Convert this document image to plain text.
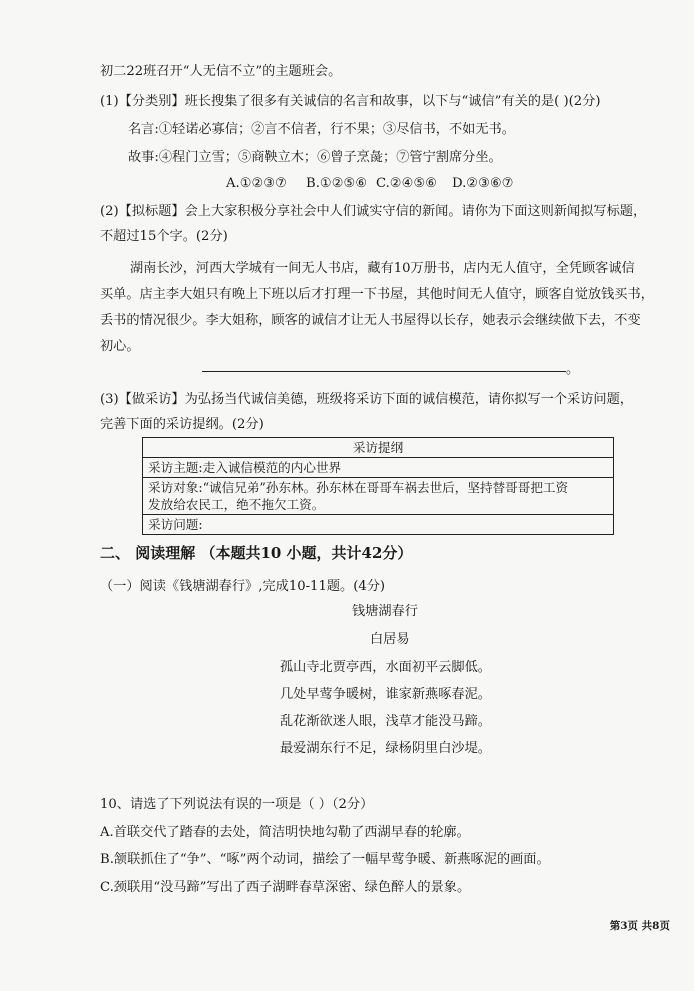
初二22班召开“人无信不立”的主题班会。
(1)【分类别】班长搜集了很多有关诚信的名言和故事，以下与“诚信”有关的是( )(2分)
名言:①轻诺必寡信；②言不信者，行不果；③尽信书，不如无书。
故事:④程门立雪；⑤商鞅立木；⑥曾子烹彘；⑦管宁割席分坐。
A.①②③⑦ B.①②⑤⑥ C.②④⑤⑥ D.②③⑥⑦
(2)【拟标题】会上大家积极分享社会中人们诚实守信的新闻。请你为下面这则新闻拟写标题，
不超过15个字。(2分)
湖南长沙，河西大学城有一间无人书店，藏有10万册书，店内无人值守，全凭顾客诚信
买单。店主李大姐只有晚上下班以后才打理一下书屋，其他时间无人值守，顾客自觉放钱买书，
丢书的情况很少。李大姐称，顾客的诚信才让无人书屋得以长存，她表示会继续做下去，不变
初心。
。
(3)【做采访】为弘扬当代诚信美德，班级将采访下面的诚信模范，请你拟写一个采访问题，
完善下面的采访提纲。(2分)
采访提纲
采访主题:走入诚信模范的内心世界

采访对象:“诚信兄弟”孙东林。孙东林在哥哥车祸去世后，坚持替哥哥把工资
发放给农民工，绝不拖欠工资。

采访问题:
二、 阅读理解 （本题共10 小题，共计42分）
（一）阅读《钱塘湖春行》,完成10-11题。(4分)
钱塘湖春行
白居易
孤山寺北贾亭西，水面初平云脚低。
几处早莺争暖树，谁家新燕啄春泥。
乱花渐欲迷人眼，浅草才能没马蹄。
最爱湖东行不足，绿杨阴里白沙堤。
10、请选了下列说法有误的一项是（ ）（2分）
A.首联交代了踏春的去处，简洁明快地勾勒了西湖早春的轮廓。
B.颔联抓住了“争”、“啄”两个动词，描绘了一幅早莺争暖、新燕啄泥的画面。
C.颈联用“没马蹄”写出了西子湖畔春草深密、绿色醉人的景象。
第3页 共8页
